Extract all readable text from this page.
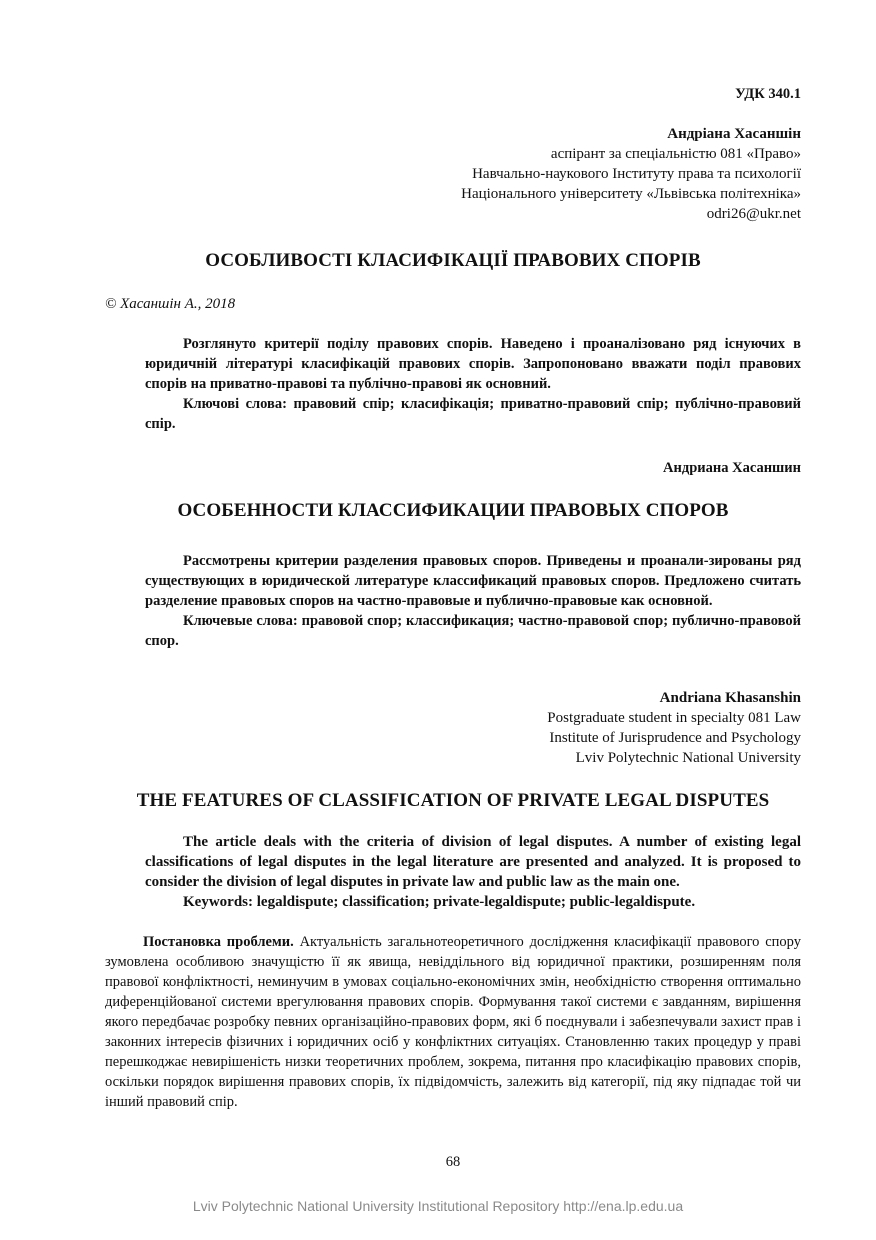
УДК 340.1
Андріана Хасаншін
аспірант за спеціальністю 081 «Право»
Навчально-наукового Інституту права та психології
Національного університету «Львівська політехніка»
odri26@ukr.net
ОСОБЛИВОСТІ КЛАСИФІКАЦІЇ ПРАВОВИХ СПОРІВ
© Хасаншін А., 2018

Розглянуто критерії поділу правових спорів. Наведено і проаналізовано ряд існуючих в юридичній літературі класифікацій правових спорів. Запропоновано вважати поділ правових спорів на приватно-правові та публічно-правові як основний.

Ключові слова: правовий спір; класифікація; приватно-правовий спір; публічно-правовий спір.

Андриана Хасаншин
ОСОБЕННОСТИ КЛАССИФИКАЦИИ ПРАВОВЫХ СПОРОВ

Рассмотрены критерии разделения правовых споров. Приведены и проанали-зированы ряд существующих в юридической литературе классификаций правовых споров. Предложено считать разделение правовых споров на частно-правовые и публично-правовые как основной.

Ключевые слова: правовой спор; классификация; частно-правовой спор; публично-правовой спор.

Andriana Khasanshin
Postgraduate student in specialty 081 Law
Institute of Jurisprudence and Psychology
Lviv Polytechnic National University
THE FEATURES OF CLASSIFICATION OF PRIVATE LEGAL DISPUTES

The article deals with the criteria of division of legal disputes. A number of existing legal classifications of legal disputes in the legal literature are presented and analyzed. It is proposed to consider the division of legal disputes in private law and public law as the main one.

Keywords: legaldispute; classification; private-legaldispute; public-legaldispute.

Постановка проблеми. Актуальність загальнотеоретичного дослідження класифікації правового спору зумовлена особливою значущістю її як явища, невіддільного від юридичної практики, розширенням поля правової конфліктності, неминучим в умовах соціально-економічних змін, необхідністю створення оптимально диференційованої системи врегулювання правових спорів. Формування такої системи є завданням, вирішення якого передбачає розробку певних організаційно-правових форм, які б поєднували і забезпечували захист прав і законних інтересів фізичних і юридичних осіб у конфліктних ситуаціях. Становленню таких процедур у праві перешкоджає невирішеність низки теоретичних проблем, зокрема, питання про класифікацію правових спорів, оскільки порядок вирішення правових спорів, їх підвідомчість, залежить від категорії, під яку підпадає той чи інший правовий спір.

68
Lviv Polytechnic National University Institutional Repository http://ena.lp.edu.ua
